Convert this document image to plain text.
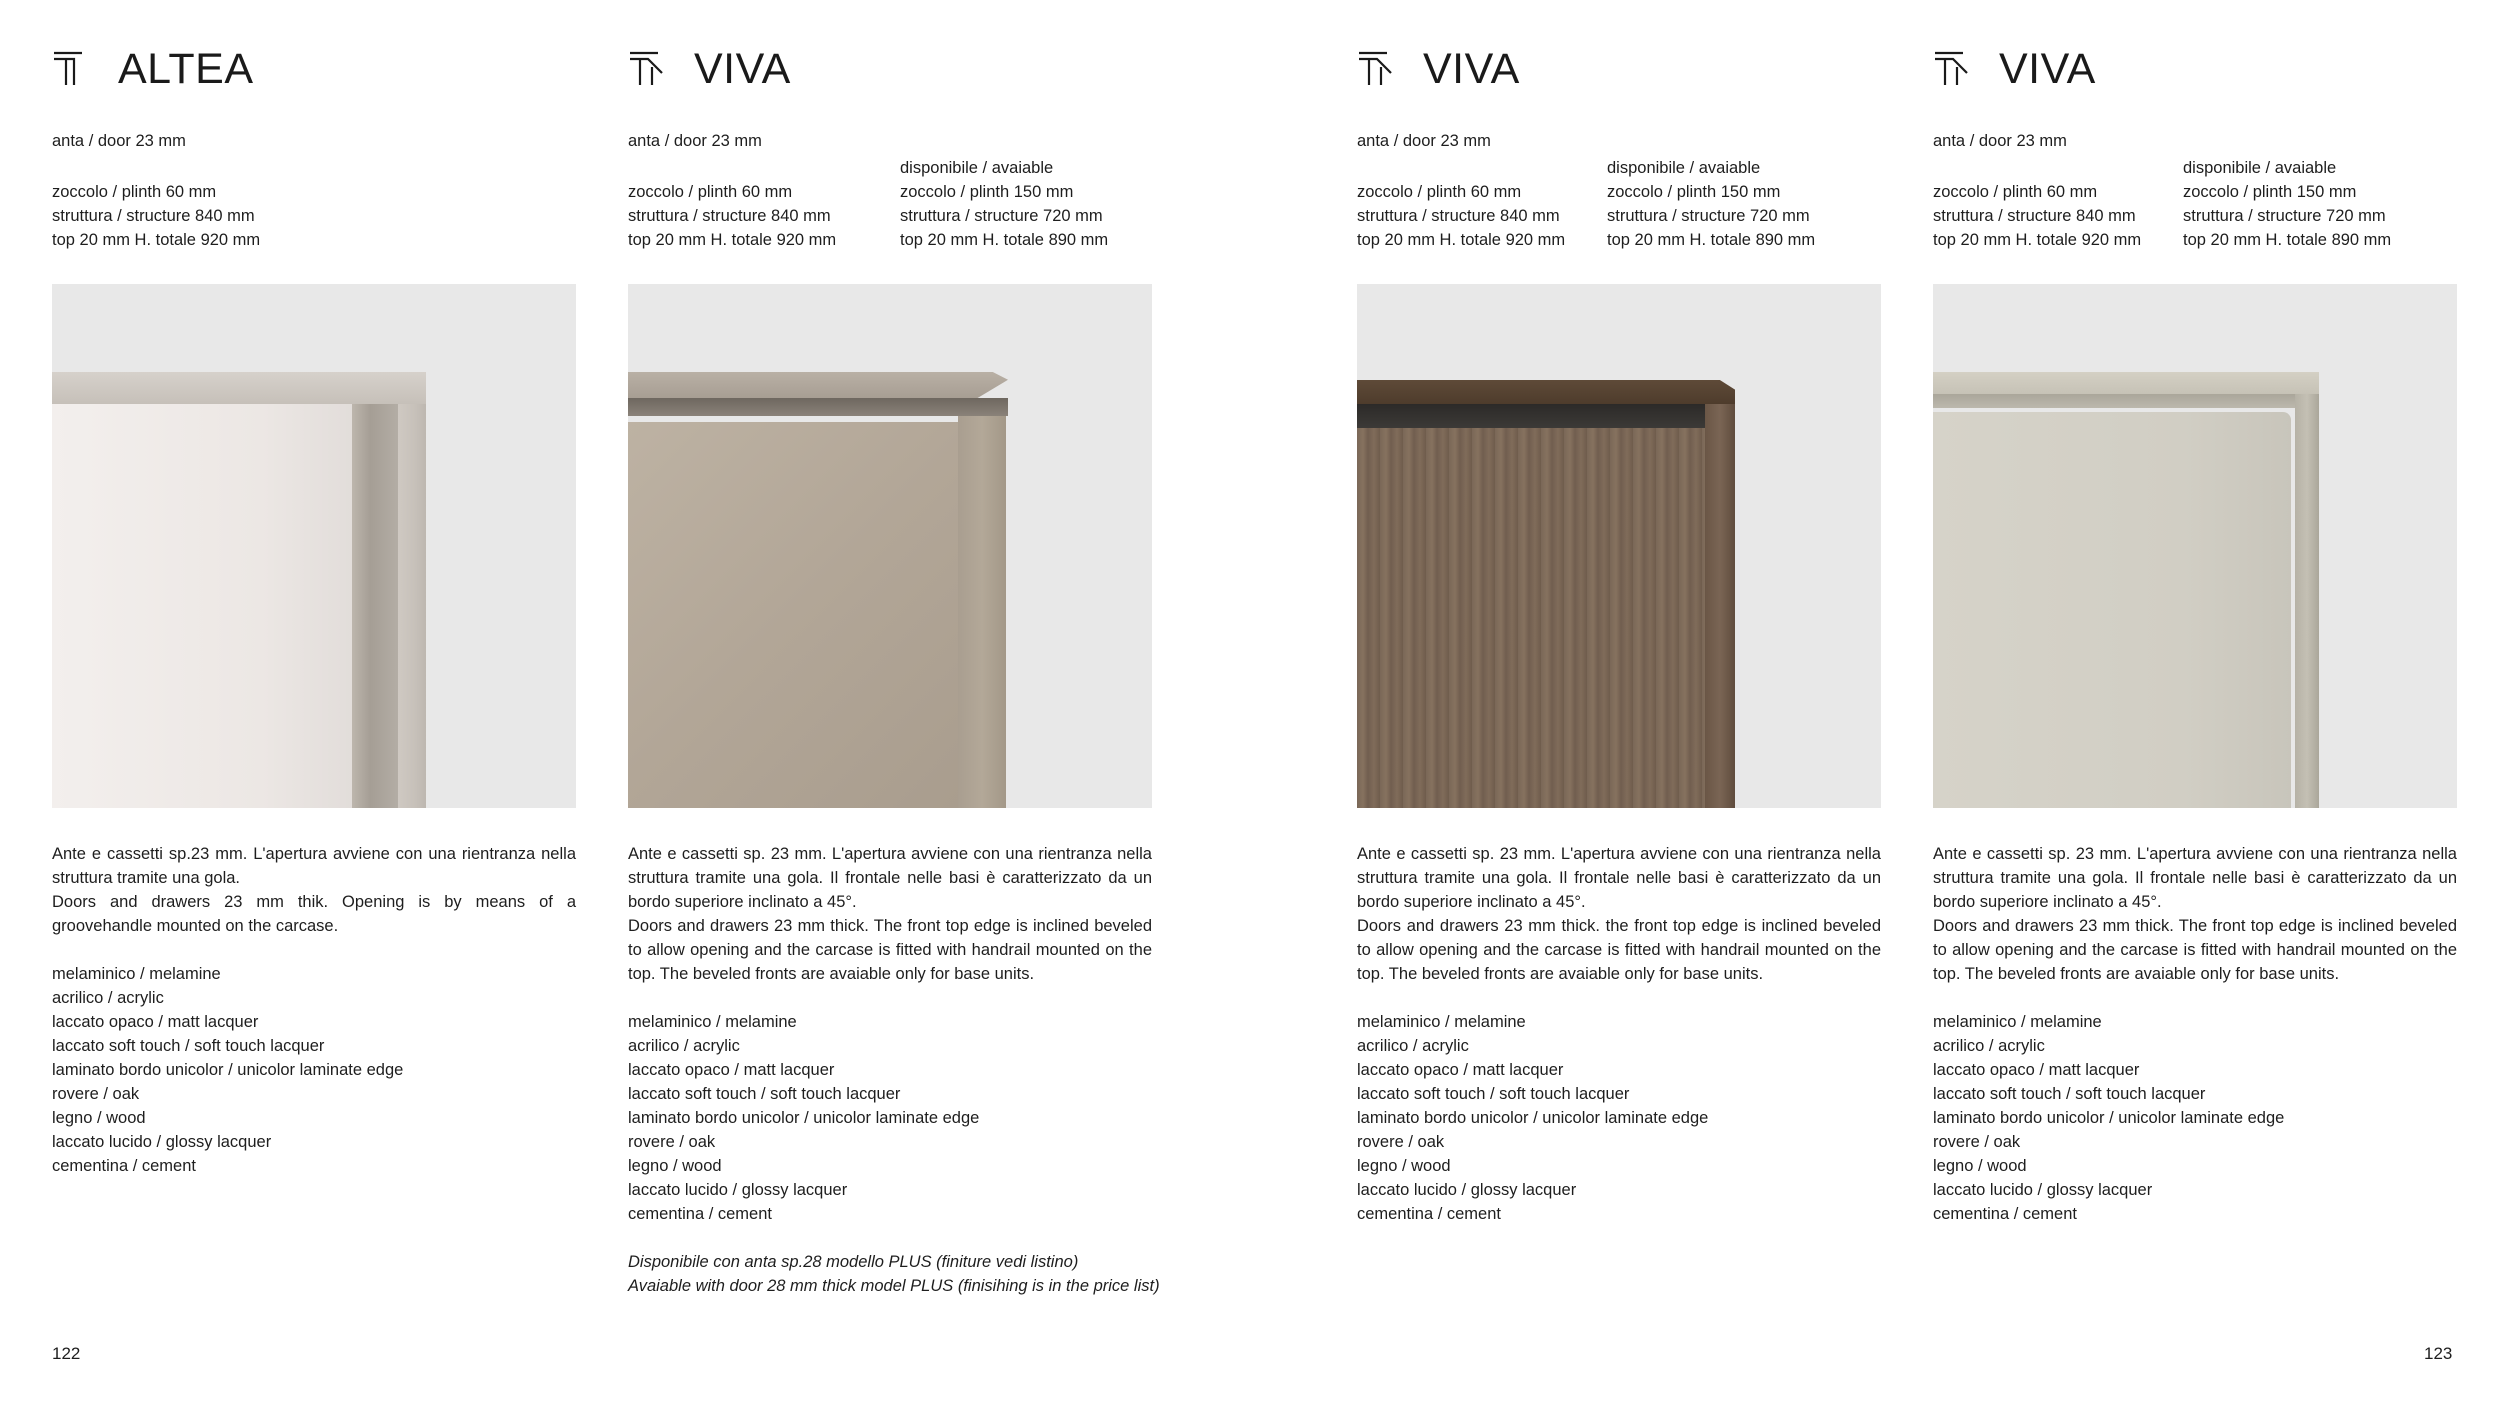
ALTEA
anta / door 23 mm
zoccolo / plinth 60 mm
struttura / structure 840 mm
top 20 mm H. totale 920 mm

Ante e cassetti sp.23 mm. L'apertura avviene con una rientranza nella struttura tramite una gola.

Doors and drawers 23 mm thik. Opening is by means of a groovehandle mounted on the carcase.

melaminico / melamine
acrilico / acrylic
laccato opaco / matt lacquer
laccato soft touch / soft touch lacquer
laminato bordo unicolor / unicolor laminate edge
rovere / oak
legno / wood
laccato lucido / glossy lacquer
cementina / cement
VIVA
anta / door 23 mm
zoccolo / plinth 60 mm
struttura / structure 840 mm
top 20 mm H. totale 920 mm
disponibile / avaiable
zoccolo / plinth 150 mm
struttura / structure 720 mm
top 20 mm H. totale 890 mm

Ante e cassetti sp. 23 mm. L'apertura avviene con una rientranza nella struttura tramite una gola. Il frontale nelle basi è caratterizzato da un bordo superiore inclinato a 45°.

Doors and drawers 23 mm thick. The front top edge is inclined beveled to allow opening and the carcase is fitted with handrail mounted on the top. The beveled fronts are avaiable only for base units.

melaminico / melamine
acrilico / acrylic
laccato opaco / matt lacquer
laccato soft touch / soft touch lacquer
laminato bordo unicolor / unicolor laminate edge
rovere / oak
legno / wood
laccato lucido / glossy lacquer
cementina / cement
Disponibile con anta sp.28 modello PLUS (finiture vedi listino)
Avaiable with door 28 mm thick model PLUS (finisihing is in the price list)
VIVA
anta / door 23 mm
zoccolo / plinth 60 mm
struttura / structure 840 mm
top 20 mm H. totale 920 mm
disponibile / avaiable
zoccolo / plinth 150 mm
struttura / structure 720 mm
top 20 mm H. totale 890 mm

Ante e cassetti sp. 23 mm. L'apertura avviene con una rientranza nella struttura tramite una gola. Il frontale nelle basi è caratterizzato da un bordo superiore inclinato a 45°.

Doors and drawers 23 mm thick. the front top edge is inclined beveled to allow opening and the carcase is fitted with handrail mounted on the top. The beveled fronts are avaiable only for base units.

melaminico / melamine
acrilico / acrylic
laccato opaco / matt lacquer
laccato soft touch / soft touch lacquer
laminato bordo unicolor / unicolor laminate edge
rovere / oak
legno / wood
laccato lucido / glossy lacquer
cementina / cement
VIVA
anta / door 23 mm
zoccolo / plinth 60 mm
struttura / structure 840 mm
top 20 mm H. totale 920 mm
disponibile / avaiable
zoccolo / plinth 150 mm
struttura / structure 720 mm
top 20 mm H. totale 890 mm

Ante e cassetti sp. 23 mm. L'apertura avviene con una rientranza nella struttura tramite una gola. Il frontale nelle basi è caratterizzato da un bordo superiore inclinato a 45°.

Doors and drawers 23 mm thick. The front top edge is inclined beveled to allow opening and the carcase is fitted with handrail mounted on the top. The beveled fronts are avaiable only for base units.

melaminico / melamine
acrilico / acrylic
laccato opaco / matt lacquer
laccato soft touch / soft touch lacquer
laminato bordo unicolor / unicolor laminate edge
rovere / oak
legno / wood
laccato lucido / glossy lacquer
cementina / cement
122	123
